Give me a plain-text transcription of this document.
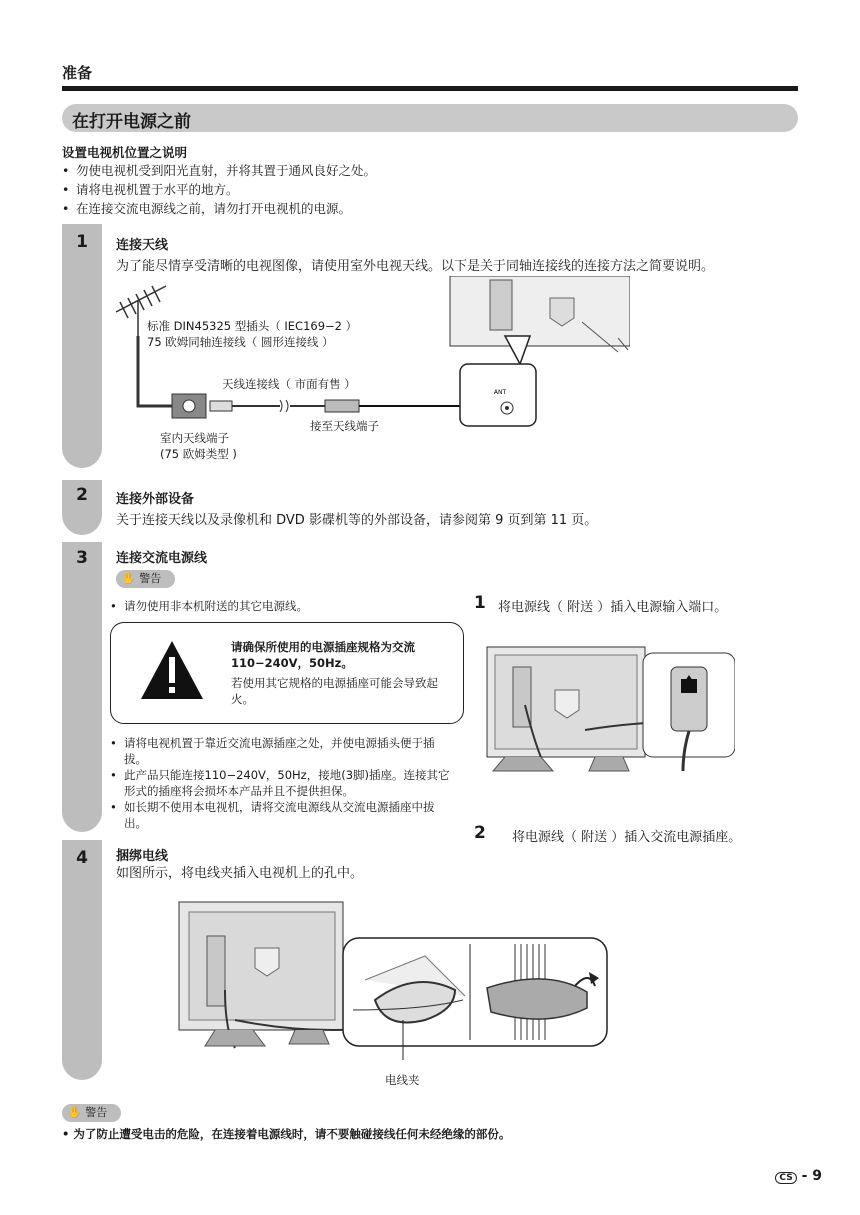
准备
在打开电源之前
设置电视机位置之说明
• 勿使电视机受到阳光直射，并将其置于通风良好之处。
• 请将电视机置于水平的地方。
• 在连接交流电源线之前，请勿打开电视机的电源。
1
2
3
4
连接天线
为了能尽情享受清晰的电视图像，请使用室外电视天线。以下是关于同轴连接线的连接方法之简要说明。
ANT
标准 DIN45325 型插头（ IEC169−2 ）
75 欧姆同轴连接线（ 圆形连接线 ）
天线连接线（ 市面有售 ）
室内天线端子
(75 欧姆类型 )
接至天线端子
连接外部设备
关于连接天线以及录像机和 DVD 影碟机等的外部设备，请参阅第 9 页到第 11 页。
连接交流电源线
✋ 警告
• 请勿使用非本机附送的其它电源线。
请确保所使用的电源插座规格为交流 110−240V，50Hz。
若使用其它规格的电源插座可能会导致起火。
• 请将电视机置于靠近交流电源插座之处，并使电源插头便于插拔。
• 此产品只能连接110−240V，50Hz，接地(3脚)插座。连接其它形式的插座将会损坏本产品并且不提供担保。
• 如长期不使用本电视机，请将交流电源线从交流电源插座中拔出。
1 将电源线（ 附送 ）插入电源输入端口。
2 将电源线（ 附送 ）插入交流电源插座。
捆绑电线
如图所示，将电线夹插入电视机上的孔中。
电线夹
✋ 警告
• 为了防止遭受电击的危险，在连接着电源线时，请不要触碰接线任何未经绝缘的部份。
CS - 9
